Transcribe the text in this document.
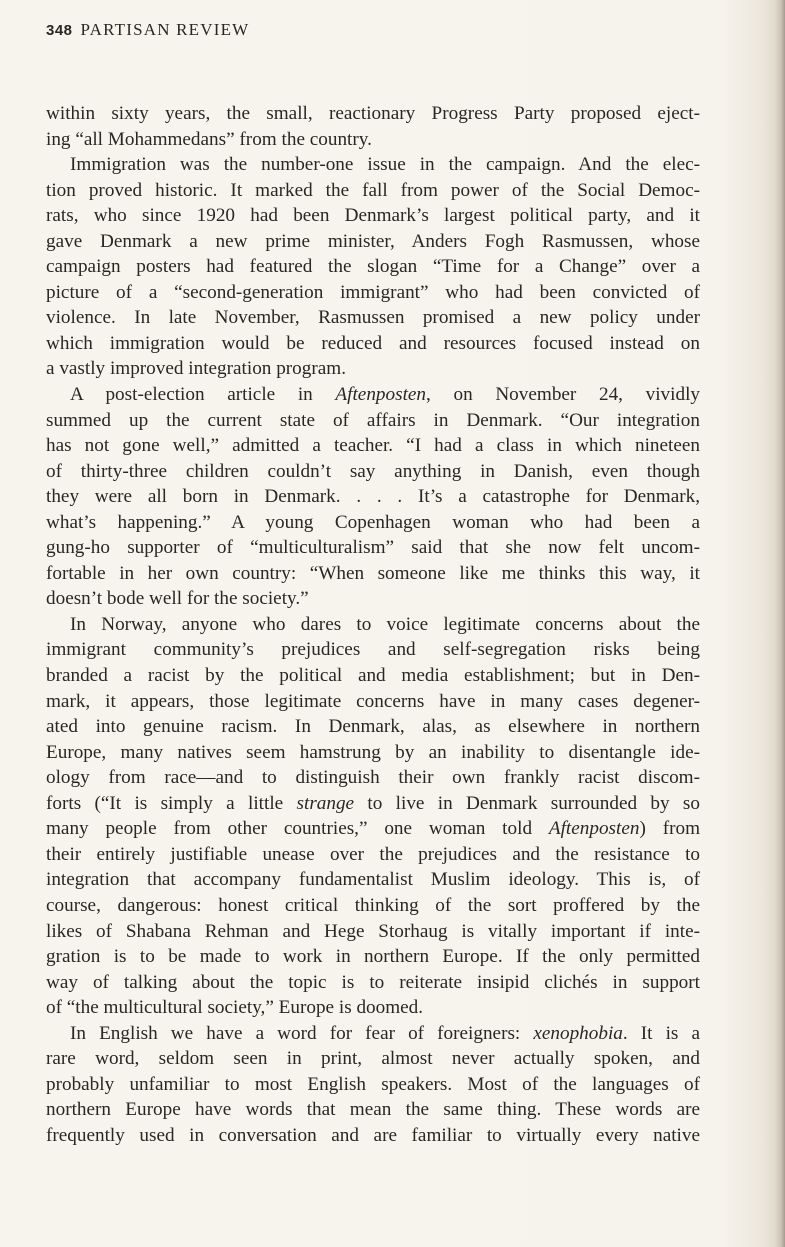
348 PARTISAN REVIEW
within sixty years, the small, reactionary Progress Party proposed eject-
ing “all Mohammedans” from the country.
Immigration was the number-one issue in the campaign. And the elec-
tion proved historic. It marked the fall from power of the Social Democ-
rats, who since 1920 had been Denmark’s largest political party, and it
gave Denmark a new prime minister, Anders Fogh Rasmussen, whose
campaign posters had featured the slogan “Time for a Change” over a
picture of a “second-generation immigrant” who had been convicted of
violence. In late November, Rasmussen promised a new policy under
which immigration would be reduced and resources focused instead on
a vastly improved integration program.
A post-election article in Aftenposten, on November 24, vividly
summed up the current state of affairs in Denmark. “Our integration
has not gone well,” admitted a teacher. “I had a class in which nineteen
of thirty-three children couldn’t say anything in Danish, even though
they were all born in Denmark. . . . It’s a catastrophe for Denmark,
what’s happening.” A young Copenhagen woman who had been a
gung-ho supporter of “multiculturalism” said that she now felt uncom-
fortable in her own country: “When someone like me thinks this way, it
doesn’t bode well for the society.”
In Norway, anyone who dares to voice legitimate concerns about the
immigrant community’s prejudices and self-segregation risks being
branded a racist by the political and media establishment; but in Den-
mark, it appears, those legitimate concerns have in many cases degener-
ated into genuine racism. In Denmark, alas, as elsewhere in northern
Europe, many natives seem hamstrung by an inability to disentangle ide-
ology from race—and to distinguish their own frankly racist discom-
forts (“It is simply a little strange to live in Denmark surrounded by so
many people from other countries,” one woman told Aftenposten) from
their entirely justifiable unease over the prejudices and the resistance to
integration that accompany fundamentalist Muslim ideology. This is, of
course, dangerous: honest critical thinking of the sort proffered by the
likes of Shabana Rehman and Hege Storhaug is vitally important if inte-
gration is to be made to work in northern Europe. If the only permitted
way of talking about the topic is to reiterate insipid clichés in support
of “the multicultural society,” Europe is doomed.
In English we have a word for fear of foreigners: xenophobia. It is a
rare word, seldom seen in print, almost never actually spoken, and
probably unfamiliar to most English speakers. Most of the languages of
northern Europe have words that mean the same thing. These words are
frequently used in conversation and are familiar to virtually every native
